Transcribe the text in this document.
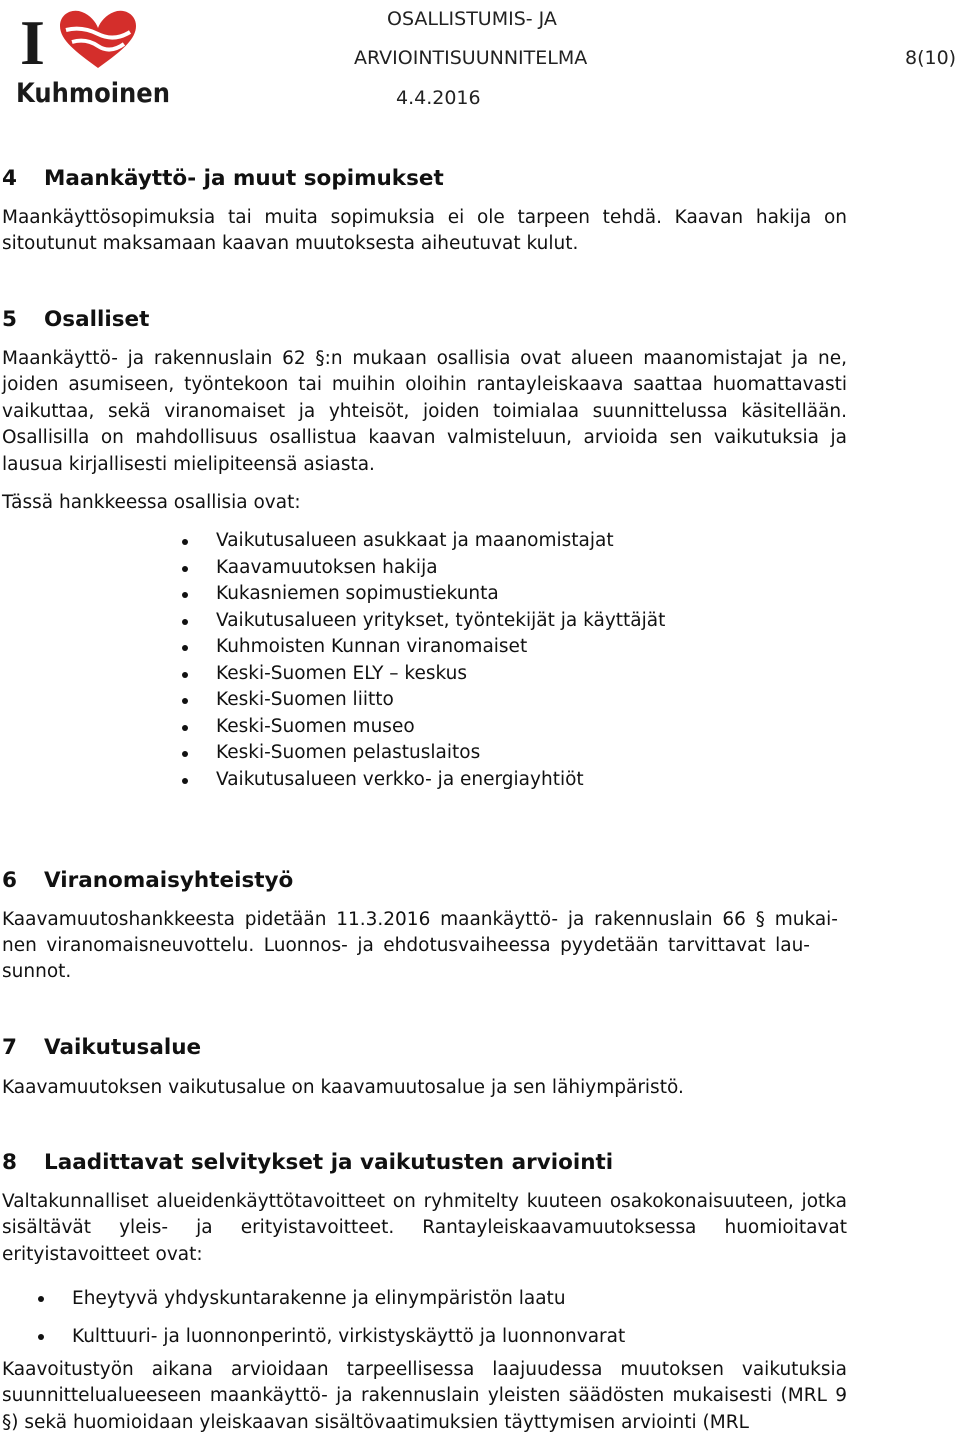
I
Kuhmoinen
OSALLISTUMIS- JA
ARVIOINTISUUNNITELMA
4.4.2016
8(10)
4 Maankäyttö- ja muut sopimukset

Maankäyttösopimuksia tai muita sopimuksia ei ole tarpeen tehdä. Kaavan hakija on sitoutunut maksamaan kaavan muutoksesta aiheutuvat kulut.

5 Osalliset

Maankäyttö- ja rakennuslain 62 §:n mukaan osallisia ovat alueen maanomistajat ja ne, joiden asumiseen, työntekoon tai muihin oloihin rantayleiskaava saattaa huomattavasti vaikuttaa, sekä viranomaiset ja yhteisöt, joiden toimialaa suunnittelussa käsitellään. Osallisilla on mahdollisuus osallistua kaavan valmisteluun, arvioida sen vaikutuksia ja lausua kirjallisesti mielipiteensä asiasta.

Tässä hankkeessa osallisia ovat:

6 Viranomaisyhteistyö
Kaavamuutoshankkeesta pidetään 11.3.2016 maankäyttö- ja rakennuslain 66 § mukai-
nen viranomaisneuvottelu. Luonnos- ja ehdotusvaiheessa pyydetään tarvittavat lau-
sunnot.
7 Vaikutusalue

Kaavamuutoksen vaikutusalue on kaavamuutosalue ja sen lähiympäristö.

8 Laadittavat selvitykset ja vaikutusten arviointi

Valtakunnalliset alueidenkäyttötavoitteet on ryhmitelty kuuteen osakokonaisuuteen, jotka sisältävät yleis- ja erityistavoitteet. Rantayleiskaavamuutoksessa huomioitavat erityistavoitteet ovat:

Kaavoitustyön aikana arvioidaan tarpeellisessa laajuudessa muutoksen vaikutuksia suunnittelualueeseen maankäyttö- ja rakennuslain yleisten säädösten mukaisesti (MRL 9 §) sekä huomioidaan yleiskaavan sisältövaatimuksien täyttymisen arviointi (MRL

Vaikutusalueen asukkaat ja maanomistajat
Kaavamuutoksen hakija
Kukasniemen sopimustiekunta
Vaikutusalueen yritykset, työntekijät ja käyttäjät
Kuhmoisten Kunnan viranomaiset
Keski-Suomen ELY – keskus
Keski-Suomen liitto
Keski-Suomen museo
Keski-Suomen pelastuslaitos
Vaikutusalueen verkko- ja energiayhtiöt
Eheytyvä yhdyskuntarakenne ja elinympäristön laatu
Kulttuuri- ja luonnonperintö, virkistyskäyttö ja luonnonvarat
